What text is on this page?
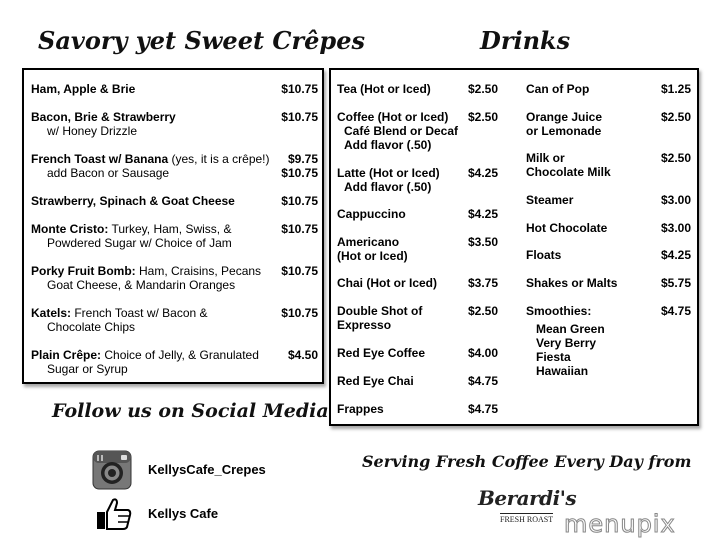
Savory yet Sweet Crêpes	Drinks
Ham, Apple & Brie	$10.75
Bacon, Brie & Strawberry	$10.75
w/ Honey Drizzle
French Toast w/ Banana (yes, it is a crêpe!) $9.75
add Bacon or Sausage	$10.75
Strawberry, Spinach & Goat Cheese	$10.75
Monte Cristo: Turkey, Ham, Swiss, &	$10.75
Powdered Sugar w/ Choice of Jam
Porky Fruit Bomb: Ham, Craisins, Pecans $10.75
Goat Cheese, & Mandarin Oranges
Katels: French Toast w/ Bacon &	$10.75
Chocolate Chips
Plain Crêpe: Choice of Jelly, & Granulated $4.50
Sugar or Syrup
Tea (Hot or Iced)	$2.50
Coffee (Hot or Iced) $2.50
Café Blend or Decaf
Add flavor (.50)
Latte (Hot or Iced) $4.25
Add flavor (.50)
Cappuccino	$4.25
Americano	$3.50
(Hot or Iced)
Chai (Hot or Iced)	$3.75
Double Shot of	$2.50
Expresso
Red Eye Coffee	$4.00
Red Eye Chai	$4.75
Frappes	$4.75
Can of Pop	$1.25
Orange Juice	$2.50
or Lemonade
Milk or	$2.50
Chocolate Milk
Steamer	$3.00
Hot Chocolate	$3.00
Floats	$4.25
Shakes or Malts	$5.75
Smoothies:	$4.75
Mean Green
Very Berry
Fiesta
Hawaiian
Follow us on Social Media
KellysCafe_Crepes
Kellys Cafe
Serving Fresh Coffee Every Day from
Berardi's
FRESH ROAST menupix
